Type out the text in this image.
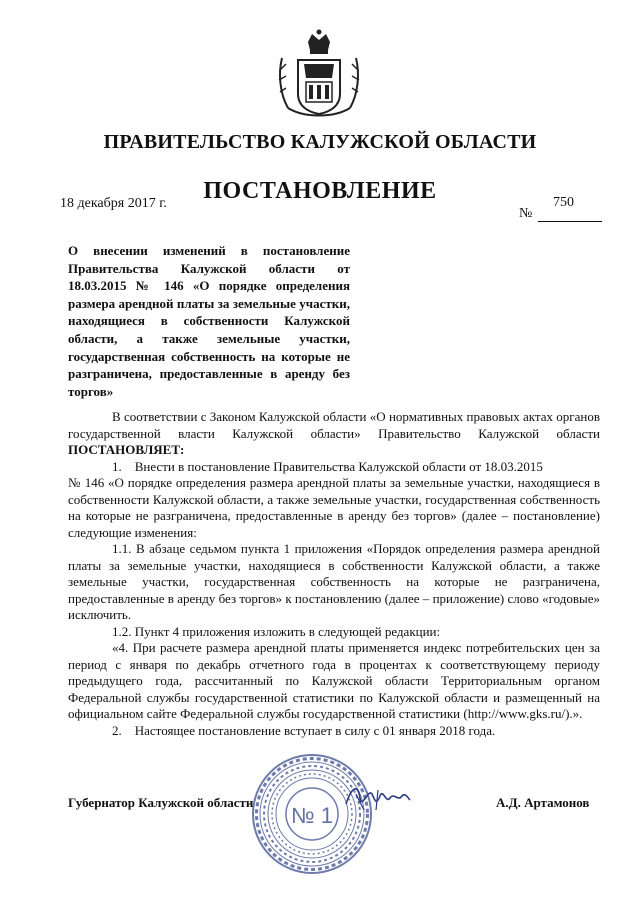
ПРАВИТЕЛЬСТВО КАЛУЖСКОЙ ОБЛАСТИ
18 декабря 2017 г. ПОСТАНОВЛЕНИЕ	750
№
О внесении изменений в постановление Правительства Калужской области от 18.03.2015 № 146 «О порядке определения размера арендной платы за земельные участки, находящиеся в собственности Калужской области, а также земельные участки, государственная собственность на которые не разграничена, предоставленные в аренду без торгов»

В соответствии с Законом Калужской области «О нормативных правовых актах органов государственной власти Калужской области» Правительство Калужской области ПОСТАНОВЛЯЕТ:

1. Внести в постановление Правительства Калужской области от 18.03.2015

№ 146 «О порядке определения размера арендной платы за земельные участки, находящиеся в собственности Калужской области, а также земельные участки, государственная собственность на которые не разграничена, предоставленные в аренду без торгов» (далее – постановление) следующие изменения:

1.1. В абзаце седьмом пункта 1 приложения «Порядок определения размера арендной платы за земельные участки, находящиеся в собственности Калужской области, а также земельные участки, государственная собственность на которые не разграничена, предоставленные в аренду без торгов» к постановлению (далее – приложение) слово «годовые» исключить.

1.2. Пункт 4 приложения изложить в следующей редакции:

«4. При расчете размера арендной платы применяется индекс потребительских цен за период с января по декабрь отчетного года в процентах к соответствующему периоду предыдущего года, рассчитанный по Калужской области Территориальным органом Федеральной службы государственной статистики по Калужской области и размещенный на официальном сайте Федеральной службы государственной статистики (http://www.gks.ru/).».

2. Настоящее постановление вступает в силу с 01 января 2018 года.

Губернатор Калужской области	А.Д. Артамонов
№ 1
